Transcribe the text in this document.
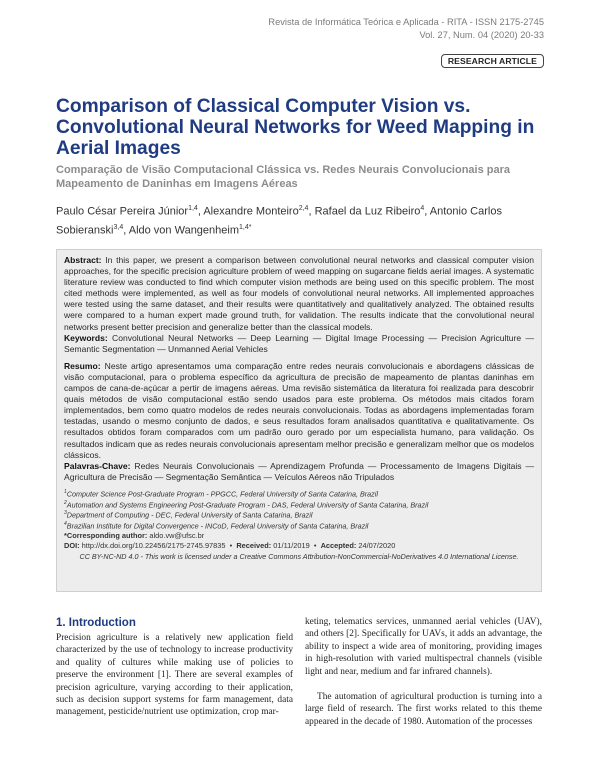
Revista de Informática Teórica e Aplicada - RITA - ISSN 2175-2745
Vol. 27, Num. 04 (2020) 20-33
RESEARCH ARTICLE
Comparison of Classical Computer Vision vs. Convolutional Neural Networks for Weed Mapping in Aerial Images
Comparação de Visão Computacional Clássica vs. Redes Neurais Convolucionais para Mapeamento de Daninhas em Imagens Aéreas
Paulo César Pereira Júnior$^{1,4}$, Alexandre Monteiro$^{2,4}$, Rafael da Luz Ribeiro$^4$, Antonio Carlos Sobieranski$^{3,4}$, Aldo von Wangenheim$^{1,4*}$

Abstract: In this paper, we present a comparison between convolutional neural networks and classical computer vision approaches, for the specific precision agriculture problem of weed mapping on sugarcane fields aerial images. A systematic literature review was conducted to find which computer vision methods are being used on this specific problem. The most cited methods were implemented, as well as four models of convolutional neural networks. All implemented approaches were tested using the same dataset, and their results were quantitatively and qualitatively analyzed. The obtained results were compared to a human expert made ground truth, for validation. The results indicate that the convolutional neural networks present better precision and generalize better than the classical models.

Keywords: Convolutional Neural Networks — Deep Learning — Digital Image Processing — Precision Agriculture — Semantic Segmentation — Unmanned Aerial Vehicles

Resumo: Neste artigo apresentamos uma comparação entre redes neurais convolucionais e abordagens clássicas de visão computacional, para o problema específico da agricultura de precisão de mapeamento de plantas daninhas em campos de cana-de-açúcar a pertir de imagens aéreas. Uma revisão sistemática da literatura foi realizada para descobrir quais métodos de visão computacional estão sendo usados para este problema. Os métodos mais citados foram implementados, bem como quatro modelos de redes neurais convolucionais. Todas as abordagens implementadas foram testadas, usando o mesmo conjunto de dados, e seus resultados foram analisados quantitativa e qualitativamente. Os resultados obtidos foram comparados com um padrão ouro gerado por um especialista humano, para validação. Os resultados indicam que as redes neurais convolucionais apresentam melhor precisão e generalizam melhor que os modelos clássicos.

Palavras-Chave: Redes Neurais Convolucionais — Aprendizagem Profunda — Processamento de Imagens Digitais — Agricultura de Precisão — Segmentação Semântica — Veículos Aéreos não Tripulados

$^1$Computer Science Post-Graduate Program - PPGCC, Federal University of Santa Catarina, Brazil

$^2$Automation and Systems Engineering Post-Graduate Program - DAS, Federal University of Santa Catarina, Brazil

$^3$Department of Computing - DEC, Federal University of Santa Catarina, Brazil

$^4$Brazilian Institute for Digital Convergence - INCoD, Federal University of Santa Catarina, Brazil

*Corresponding author: aldo.vw@ufsc.br

DOI: http://dx.doi.org/10.22456/2175-2745.97835  •  Received: 01/11/2019  •  Accepted: 24/07/2020

CC BY-NC-ND 4.0 - This work is licensed under a Creative Commons Attribution-NonCommercial-NoDerivatives 4.0 International License.

1. Introduction

Precision agriculture is a relatively new application field characterized by the use of technology to increase productivity and quality of cultures while making use of policies to preserve the environment [1]. There are several examples of precision agriculture, varying according to their application, such as decision support systems for farm management, data management, pesticide/nutrient use optimization, crop mar-

keting, telematics services, unmanned aerial vehicles (UAV), and others [2]. Specifically for UAVs, it adds an advantage, the ability to inspect a wide area of monitoring, providing images in high-resolution with varied multispectral channels (visible light and near, medium and far infrared channels).

The automation of agricultural production is turning into a large field of research. The first works related to this theme appeared in the decade of 1980. Automation of the processes
